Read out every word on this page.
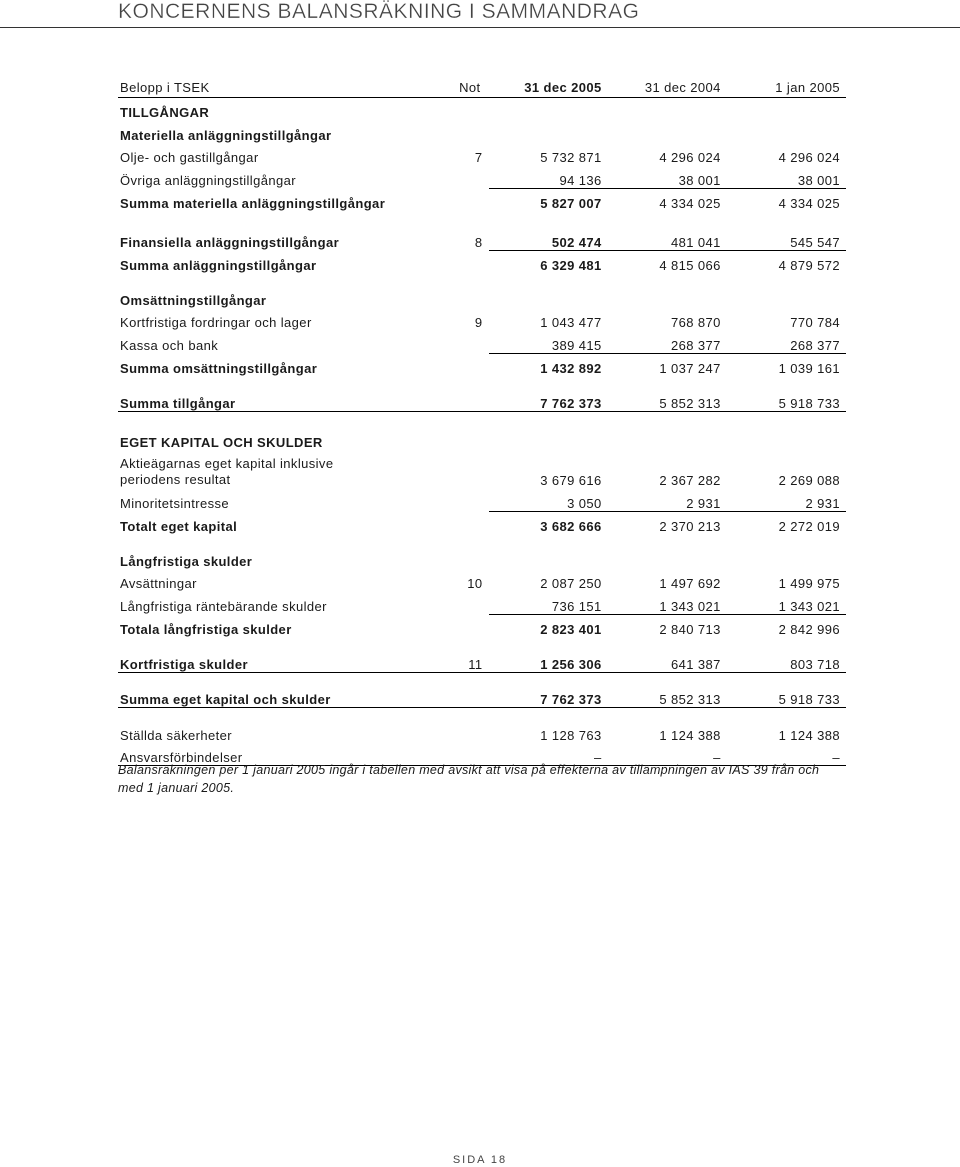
KONCERNENS BALANSRÄKNING I SAMMANDRAG
Belopp i TSEK	Not	31 dec 2005	31 dec 2004	1 jan 2005
TILLGÅNGAR				
Materiella anläggningstillgångar				
Olje- och gastillgångar	7	5 732 871	4 296 024	4 296 024
Övriga anläggningstillgångar		94 136	38 001	38 001
Summa materiella anläggningstillgångar		5 827 007	4 334 025	4 334 025

Finansiella anläggningstillgångar	8	502 474	481 041	545 547
Summa anläggningstillgångar		6 329 481	4 815 066	4 879 572

Omsättningstillgångar				
Kortfristiga fordringar och lager	9	1 043 477	768 870	770 784
Kassa och bank		389 415	268 377	268 377
Summa omsättningstillgångar		1 432 892	1 037 247	1 039 161

Summa tillgångar		7 762 373	5 852 313	5 918 733

EGET KAPITAL OCH SKULDER				
Aktieägarnas eget kapital inklusive periodens resultat		3 679 616	2 367 282	2 269 088
Minoritetsintresse		3 050	2 931	2 931
Totalt eget kapital		3 682 666	2 370 213	2 272 019

Långfristiga skulder				
Avsättningar	10	2 087 250	1 497 692	1 499 975
Långfristiga räntebärande skulder		736 151	1 343 021	1 343 021
Totala långfristiga skulder		2 823 401	2 840 713	2 842 996

Kortfristiga skulder	11	1 256 306	641 387	803 718

Summa eget kapital och skulder		7 762 373	5 852 313	5 918 733

Ställda säkerheter		1 128 763	1 124 388	1 124 388
Ansvarsförbindelser		–	–	–
Balansräkningen per 1 januari 2005 ingår i tabellen med avsikt att visa på effekterna av tillämpningen av IAS 39 från och med 1 januari 2005.
SIDA 18
